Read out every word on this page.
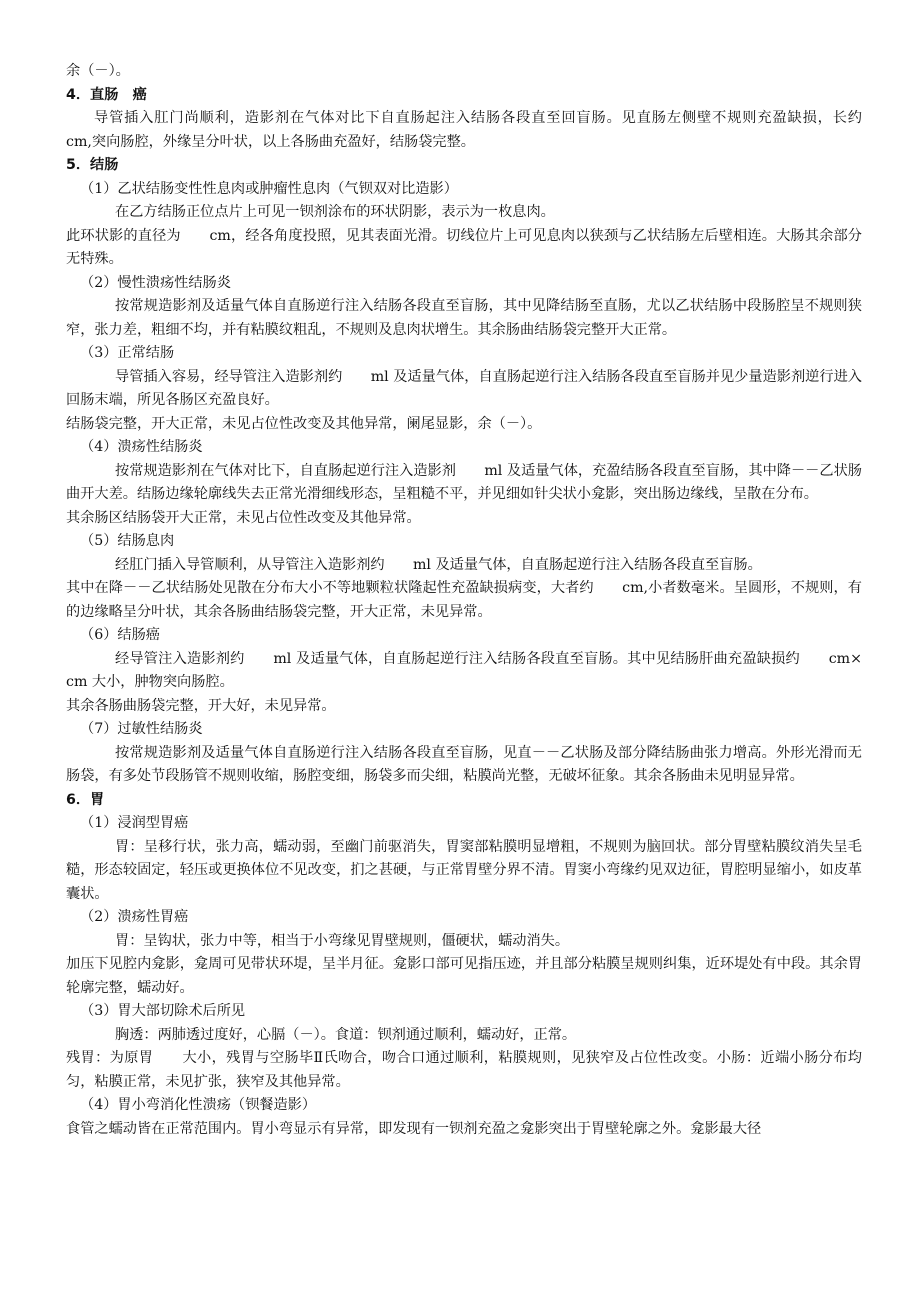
余（－）。

4．直肠　癌

导管插入肛门尚顺利，造影剂在气体对比下自直肠起注入结肠各段直至回盲肠。见直肠左侧壁不规则充盈缺损，长约　　cm,突向肠腔，外缘呈分叶状，以上各肠曲充盈好，结肠袋完整。

5．结肠

（1）乙状结肠变性性息肉或肿瘤性息肉（气钡双对比造影）

在乙方结肠正位点片上可见一钡剂涂布的环状阴影，表示为一枚息肉。

此环状影的直径为　　cm，经各角度投照，见其表面光滑。切线位片上可见息肉以狭颈与乙状结肠左后壁相连。大肠其余部分无特殊。

（2）慢性溃疡性结肠炎

按常规造影剂及适量气体自直肠逆行注入结肠各段直至盲肠，其中见降结肠至直肠，尤以乙状结肠中段肠腔呈不规则狭窄，张力差，粗细不均，并有粘膜纹粗乱，不规则及息肉状增生。其余肠曲结肠袋完整开大正常。

（3）正常结肠

导管插入容易，经导管注入造影剂约　　ml 及适量气体，自直肠起逆行注入结肠各段直至盲肠并见少量造影剂逆行进入回肠末端，所见各肠区充盈良好。

结肠袋完整，开大正常，未见占位性改变及其他异常，阑尾显影，余（－）。

（4）溃疡性结肠炎

按常规造影剂在气体对比下，自直肠起逆行注入造影剂　　ml 及适量气体，充盈结肠各段直至盲肠，其中降－－乙状肠曲开大差。结肠边缘轮廓线失去正常光滑细线形态，呈粗糙不平，并见细如针尖状小龛影，突出肠边缘线，呈散在分布。

其余肠区结肠袋开大正常，未见占位性改变及其他异常。

（5）结肠息肉

经肛门插入导管顺利，从导管注入造影剂约　　ml 及适量气体，自直肠起逆行注入结肠各段直至盲肠。

其中在降－－乙状结肠处见散在分布大小不等地颗粒状隆起性充盈缺损病变，大者约　　cm,小者数毫米。呈圆形，不规则，有的边缘略呈分叶状，其余各肠曲结肠袋完整，开大正常，未见异常。

（6）结肠癌

经导管注入造影剂约　　ml 及适量气体，自直肠起逆行注入结肠各段直至盲肠。其中见结肠肝曲充盈缺损约　　cm×　　cm 大小，肿物突向肠腔。

其余各肠曲肠袋完整，开大好，未见异常。

（7）过敏性结肠炎

按常规造影剂及适量气体自直肠逆行注入结肠各段直至盲肠，见直－－乙状肠及部分降结肠曲张力增高。外形光滑而无肠袋，有多处节段肠管不规则收缩，肠腔变细，肠袋多而尖细，粘膜尚光整，无破坏征象。其余各肠曲未见明显异常。

6．胃

（1）浸润型胃癌

胃：呈移行状，张力高，蠕动弱，至幽门前驱消失，胃窦部粘膜明显增粗，不规则为脑回状。部分胃壁粘膜纹消失呈毛糙，形态较固定，轻压或更换体位不见改变，扪之甚硬，与正常胃壁分界不清。胃窦小弯缘约见双边征，胃腔明显缩小，如皮革囊状。

（2）溃疡性胃癌

胃：呈钩状，张力中等，相当于小弯缘见胃壁规则，僵硬状，蠕动消失。

加压下见腔内龛影，龛周可见带状环堤，呈半月征。龛影口部可见指压迹，并且部分粘膜呈规则纠集，近环堤处有中段。其余胃轮廓完整，蠕动好。

（3）胃大部切除术后所见

胸透：两肺透过度好，心膈（－）。食道：钡剂通过顺利，蠕动好，正常。

残胃：为原胃　　大小，残胃与空肠毕Ⅱ氏吻合，吻合口通过顺利，粘膜规则，见狭窄及占位性改变。小肠：近端小肠分布均匀，粘膜正常，未见扩张，狭窄及其他异常。

（4）胃小弯消化性溃疡（钡餐造影）

食管之蠕动皆在正常范围内。胃小弯显示有异常，即发现有一钡剂充盈之龛影突出于胃壁轮廓之外。龛影最大径
